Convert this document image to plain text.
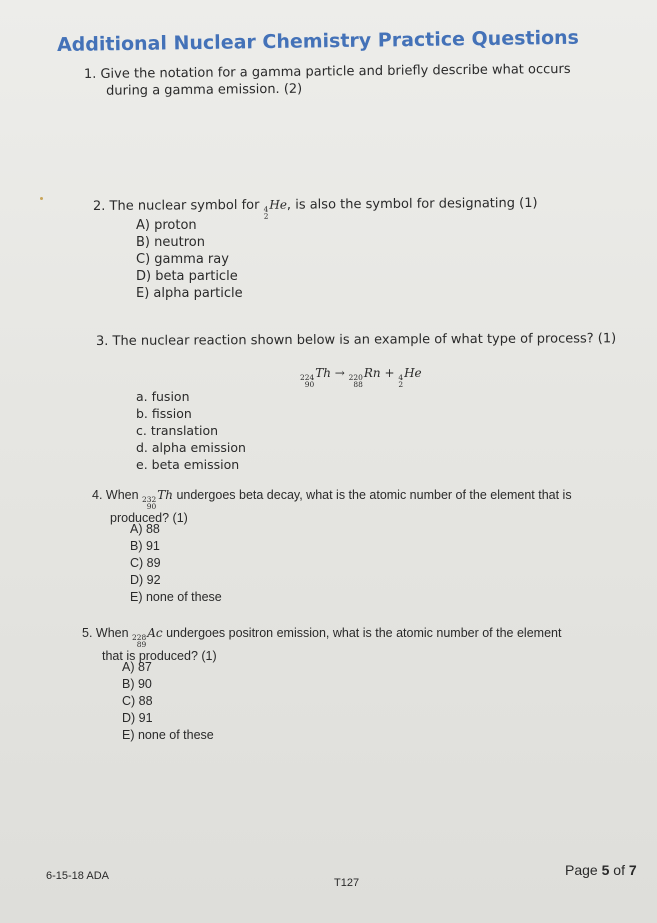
Additional Nuclear Chemistry Practice Questions
1. Give the notation for a gamma particle and briefly describe what occurs
during a gamma emission. (2)
2. The nuclear symbol for 4
2
He, is also the symbol for designating (1)
A) proton
B) neutron
C) gamma ray
D) beta particle
E) alpha particle
3. The nuclear reaction shown below is an example of what type of process? (1)
224
90
Th → 220
88
Rn + 4
2
He
a. fusion
b. fission
c. translation
d. alpha emission
e. beta emission
4. When 232
90
Th undergoes beta decay, what is the atomic number of the element that is
produced? (1)
A) 88
B) 91
C) 89
D) 92
E) none of these
5. When 228
89
Ac undergoes positron emission, what is the atomic number of the element
that is produced? (1)
A) 87
B) 90
C) 88
D) 91
E) none of these
6-15-18 ADA
T127
Page 5 of 7
